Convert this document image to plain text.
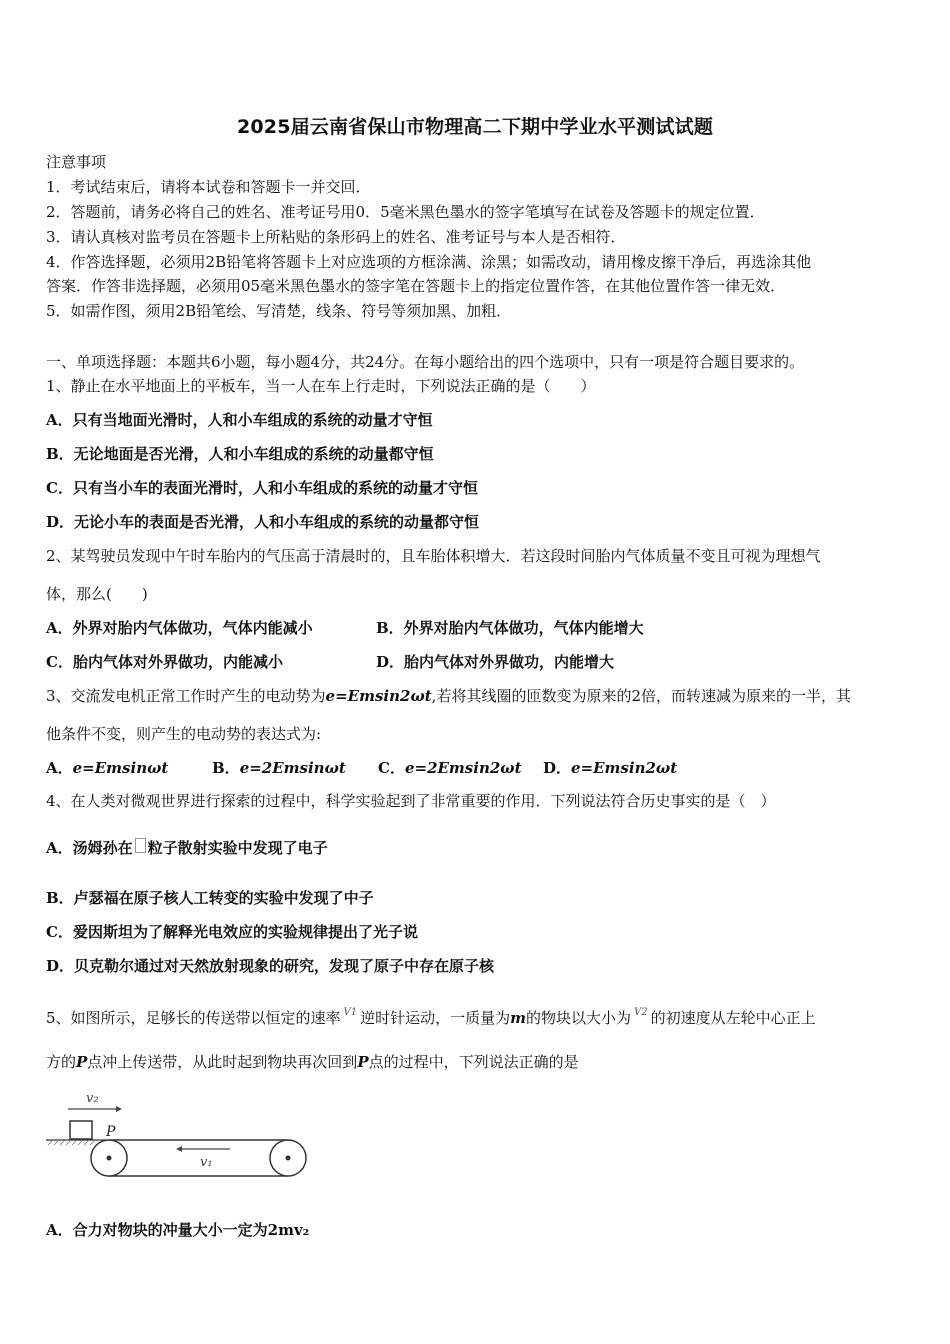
2025届云南省保山市物理高二下期中学业水平测试试题
注意事项
1．考试结束后，请将本试卷和答题卡一并交回．
2．答题前，请务必将自己的姓名、准考证号用0．5毫米黑色墨水的签字笔填写在试卷及答题卡的规定位置．
3．请认真核对监考员在答题卡上所粘贴的条形码上的姓名、准考证号与本人是否相符．
4．作答选择题，必须用2B铅笔将答题卡上对应选项的方框涂满、涂黑；如需改动，请用橡皮擦干净后，再选涂其他
答案．作答非选择题，必须用05毫米黑色墨水的签字笔在答题卡上的指定位置作答，在其他位置作答一律无效．
5．如需作图，须用2B铅笔绘、写清楚，线条、符号等须加黑、加粗．
一、单项选择题：本题共6小题，每小题4分，共24分。在每小题给出的四个选项中，只有一项是符合题目要求的。
1、静止在水平地面上的平板车，当一人在车上行走时，下列说法正确的是（　　）
A．只有当地面光滑时，人和小车组成的系统的动量才守恒
B．无论地面是否光滑，人和小车组成的系统的动量都守恒
C．只有当小车的表面光滑时，人和小车组成的系统的动量才守恒
D．无论小车的表面是否光滑，人和小车组成的系统的动量都守恒
2、某驾驶员发现中午时车胎内的气压高于清晨时的，且车胎体积增大．若这段时间胎内气体质量不变且可视为理想气
体，那么(　　)
A．外界对胎内气体做功，气体内能减小	B．外界对胎内气体做功，气体内能增大
C．胎内气体对外界做功，内能减小	D．胎内气体对外界做功，内能增大
3、交流发电机正常工作时产生的电动势为e=Emsin2ωt,若将其线圈的匝数变为原来的2倍，而转速减为原来的一半，其
他条件不变，则产生的电动势的表达式为:
A．e=Emsinωt	B．e=2Emsinωt C．e=2Emsin2ωt D．e=Emsin2ωt
4、在人类对微观世界进行探索的过程中，科学实验起到了非常重要的作用．下列说法符合历史事实的是（　）
A．汤姆孙在 粒子散射实验中发现了电子
B．卢瑟福在原子核人工转变的实验中发现了中子
C．爱因斯坦为了解释光电效应的实验规律提出了光子说
D．贝克勒尔通过对天然放射现象的研究，发现了原子中存在原子核
5、如图所示，足够长的传送带以恒定的速率 $^{V1}$ 逆时针运动，一质量为m的物块以大小为 $^{V2}$ 的初速度从左轮中心正上
方的P点冲上传送带，从此时起到物块再次回到P点的过程中，下列说法正确的是
v₂
P
v₁
A．合力对物块的冲量大小一定为2mv₂
